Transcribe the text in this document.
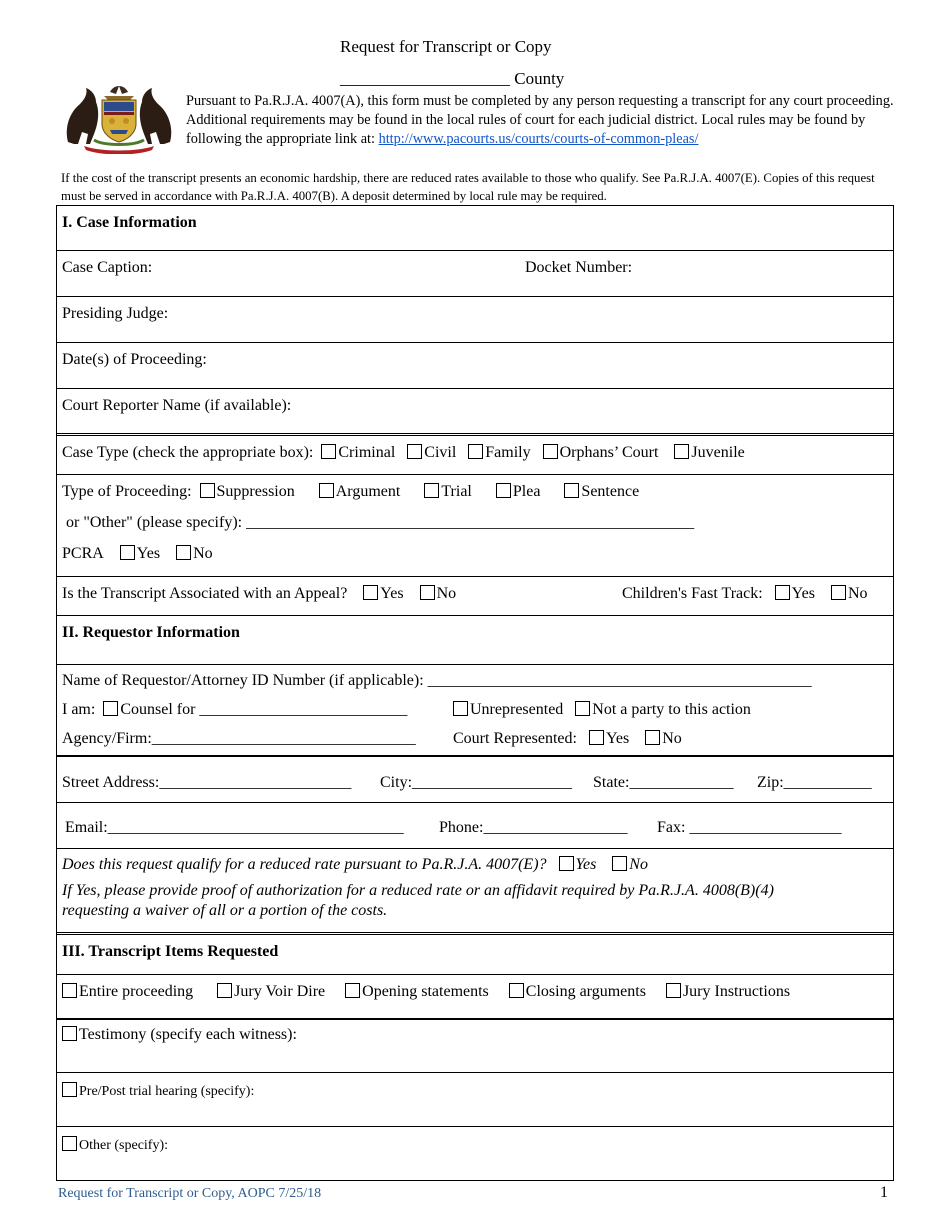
Request for Transcript or Copy
____________________ County
Pursuant to Pa.R.J.A. 4007(A), this form must be completed by any person requesting a transcript for any court proceeding. Additional requirements may be found in the local rules of court for each judicial district. Local rules may be found by following the appropriate link at: http://www.pacourts.us/courts/courts-of-common-pleas/
If the cost of the transcript presents an economic hardship, there are reduced rates available to those who qualify. See Pa.R.J.A. 4007(E). Copies of this request must be served in accordance with Pa.R.J.A. 4007(B). A deposit determined by local rule may be required.
I. Case Information
Case Caption:	Docket Number:
Presiding Judge:
Date(s) of Proceeding:
Court Reporter Name (if available):
Case Type (check the appropriate box): Criminal Civil Family Orphans’ Court Juvenile
Type of Proceeding: Suppression	Argument	Trial	Plea	Sentence
or "Other" (please specify): ________________________________________________________
PCRA Yes No
Is the Transcript Associated with an Appeal? Yes No	Children's Fast Track: Yes No
II. Requestor Information
Name of Requestor/Attorney ID Number (if applicable): ________________________________________________
I am: Counsel for __________________________	Unrepresented Not a party to this action
Agency/Firm:_________________________________ Court Represented: Yes No
Street Address:________________________ City:____________________ State:_____________ Zip:___________
Email:_____________________________________ Phone:__________________ Fax: ___________________
Does this request qualify for a reduced rate pursuant to Pa.R.J.A. 4007(E)? Yes No
If Yes, please provide proof of authorization for a reduced rate or an affidavit required by Pa.R.J.A. 4008(B)(4)
requesting a waiver of all or a portion of the costs.
III. Transcript Items Requested
Entire proceeding	Jury Voir Dire Opening statements Closing arguments Jury Instructions
Testimony (specify each witness):
Pre/Post trial hearing (specify):
Other (specify):
Request for Transcript or Copy, AOPC 7/25/18	1
